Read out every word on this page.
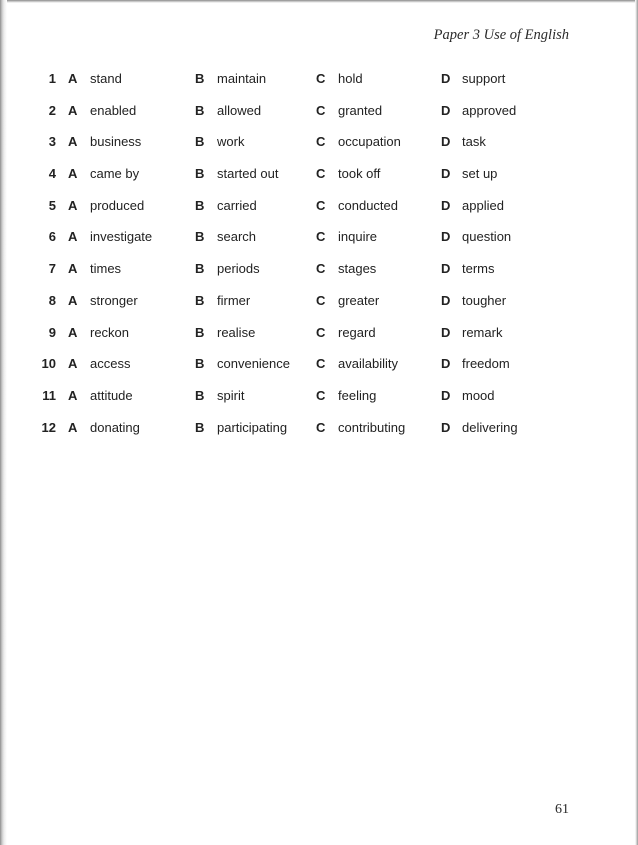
Paper 3 Use of English
1 A stand	B maintain	C hold	D support
2 A enabled	B allowed	C granted	D approved
3 A business	B work	C occupation	D task
4 A came by	B started out	C took off	D set up
5 A produced	B carried	C conducted	D applied
6 A investigate	B search	C inquire	D question
7 A times	B periods	C stages	D terms
8 A stronger	B firmer	C greater	D tougher
9 A reckon	B realise	C regard	D remark
10 A access	B convenience C availability	D freedom
11 A attitude	B spirit	C feeling	D mood
12 A donating	B participating C contributing	D delivering
61
